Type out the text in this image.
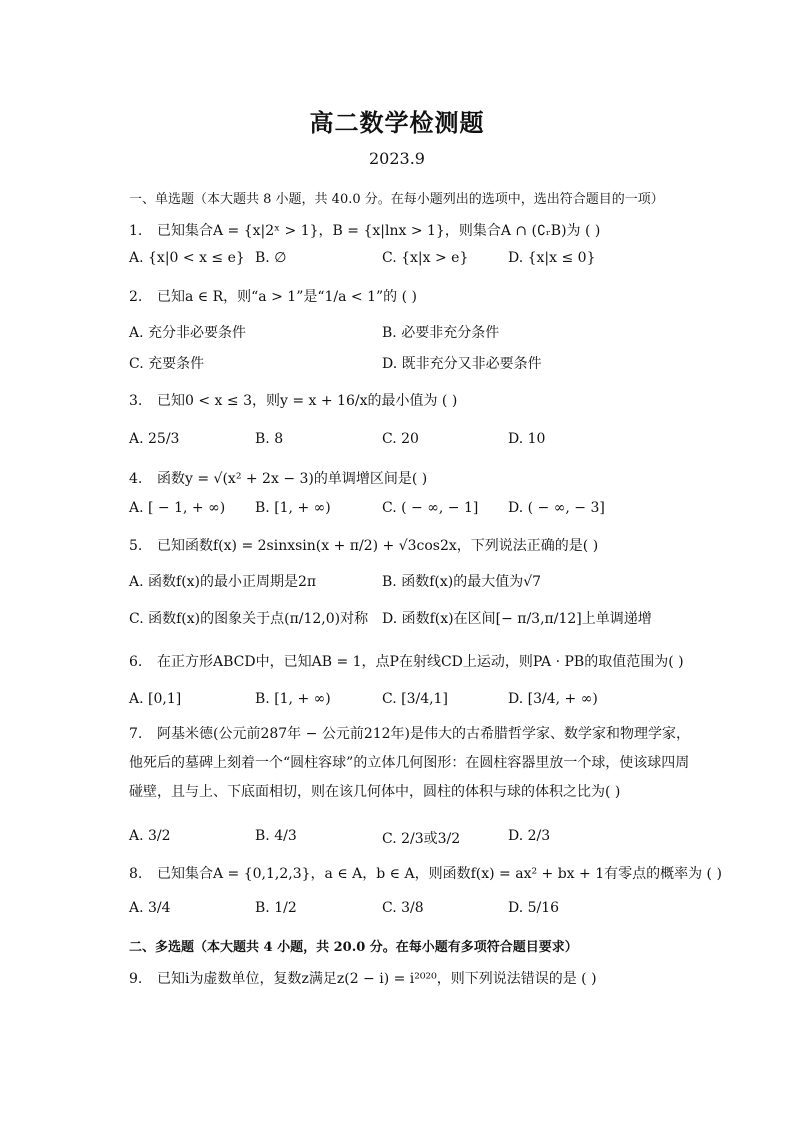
高二数学检测题
2023.9
一、单选题（本大题共 8 小题，共 40.0 分。在每小题列出的选项中，选出符合题目的一项）
1. 已知集合A = {x|2ˣ > 1}，B = {x|lnx > 1}，则集合A ∩ (∁ᵣB)为 ( )
A. {x|0 < x ≤ e} B. ∅	C. {x|x > e}	D. {x|x ≤ 0}
2. 已知a ∈ R，则“a > 1”是“1/a < 1”的 ( )
A. 充分非必要条件	B. 必要非充分条件
C. 充要条件	D. 既非充分又非必要条件
3. 已知0 < x ≤ 3，则y = x + 16/x的最小值为 ( )
A. 25/3	B. 8	C. 20	D. 10
4. 函数y = √(x² + 2x − 3)的单调增区间是( )
A. [ − 1, + ∞) B. [1, + ∞)	C. ( − ∞, − 1] D. ( − ∞, − 3]
5. 已知函数f(x) = 2sinxsin(x + π/2) + √3cos2x，下列说法正确的是( )
A. 函数f(x)的最小正周期是2π	B. 函数f(x)的最大值为√7
C. 函数f(x)的图象关于点(π/12,0)对称 D. 函数f(x)在区间[− π/3,π/12]上单调递增
6. 在正方形ABCD中，已知AB = 1，点P在射线CD上运动，则PA · PB的取值范围为( )
A. [0,1]	B. [1, + ∞)	C. [3/4,1]	D. [3/4, + ∞)
7. 阿基米德(公元前287年 − 公元前212年)是伟大的古希腊哲学家、数学家和物理学家，他死后的墓碑上刻着一个“圆柱容球”的立体几何图形：在圆柱容器里放一个球，使该球四周碰壁，且与上、下底面相切，则在该几何体中，圆柱的体积与球的体积之比为( )
A. 3/2	B. 4/3	C. 2/3或3/2	D. 2/3
8. 已知集合A = {0,1,2,3}，a ∈ A，b ∈ A，则函数f(x) = ax² + bx + 1有零点的概率为 ( )
A. 3/4	B. 1/2	C. 3/8	D. 5/16
二、多选题（本大题共 4 小题，共 20.0 分。在每小题有多项符合题目要求）
9. 已知i为虚数单位，复数z满足z(2 − i) = i²⁰²⁰，则下列说法错误的是 ( )
